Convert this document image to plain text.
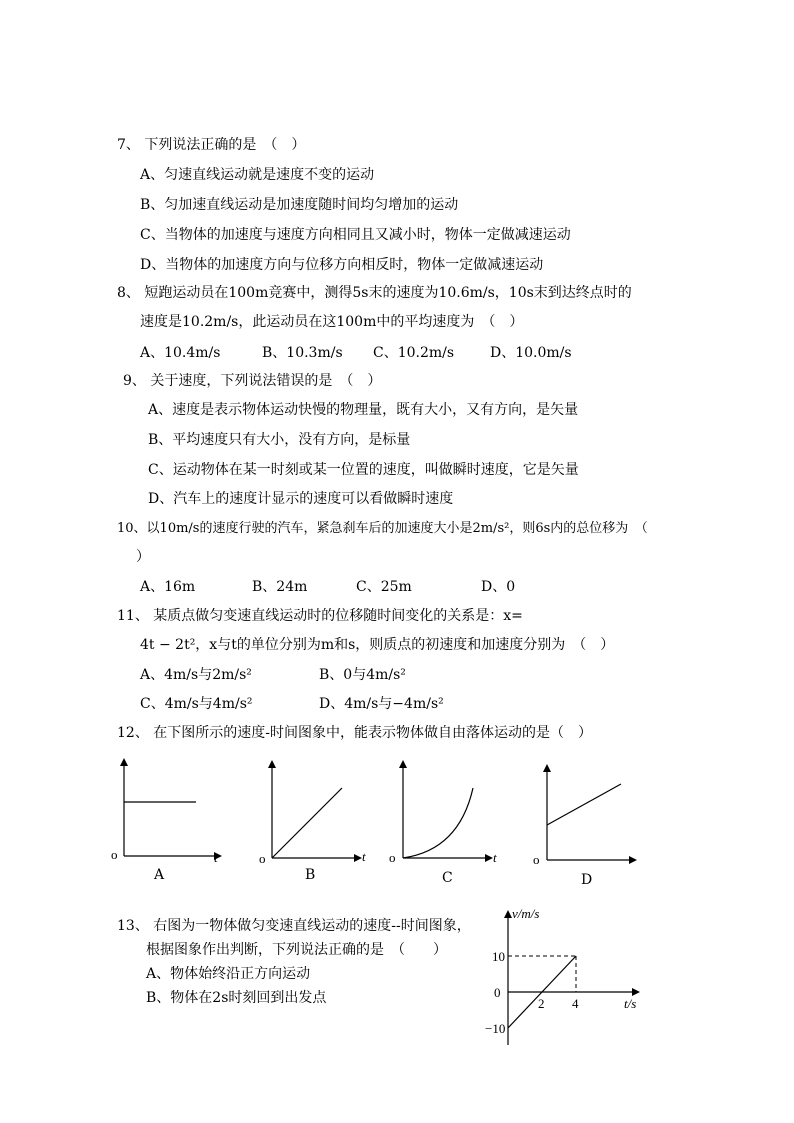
7、 下列说法正确的是　（　）
A、匀速直线运动就是速度不变的运动
B、匀加速直线运动是加速度随时间均匀增加的运动
C、当物体的加速度与速度方向相同且又减小时，物体一定做减速运动
D、当物体的加速度方向与位移方向相反时，物体一定做减速运动
8、 短跑运动员在100m竞赛中，测得5s末的速度为10.6m/s，10s末到达终点时的
速度是10.2m/s，此运动员在这100m中的平均速度为　（　）
A、10.4m/s	B、10.3m/s C、10.2m/s	D、10.0m/s
9、 关于速度，下列说法错误的是　（　）
A、速度是表示物体运动快慢的物理量，既有大小，又有方向，是矢量
B、平均速度只有大小，没有方向，是标量
C、运动物体在某一时刻或某一位置的速度，叫做瞬时速度，它是矢量
D、汽车上的速度计显示的速度可以看做瞬时速度
10、以10m/s的速度行驶的汽车，紧急刹车后的加速度大小是2m/s²，则6s内的总位移为　（
）
A、16m	B、24m	C、25m	D、0
11、 某质点做匀变速直线运动时的位移随时间变化的关系是：x=
4t − 2t²，x与t的单位分别为m和s，则质点的初速度和加速度分别为　（　）
A、4m/s与2m/s²	B、0与4m/s²
C、4m/s与4m/s²	D、4m/s与−4m/s²
12、 在下图所示的速度-时间图象中，能表示物体做自由落体运动的是（　）
o	t
A
o	t
B
o	t
C
o
D
13、 右图为一物体做匀变速直线运动的速度--时间图象，
根据图象作出判断，下列说法正确的是　（　　）
A、物体始终沿正方向运动
B、物体在2s时刻回到出发点
v/m/s
t/s
10
0
−10
2 4
